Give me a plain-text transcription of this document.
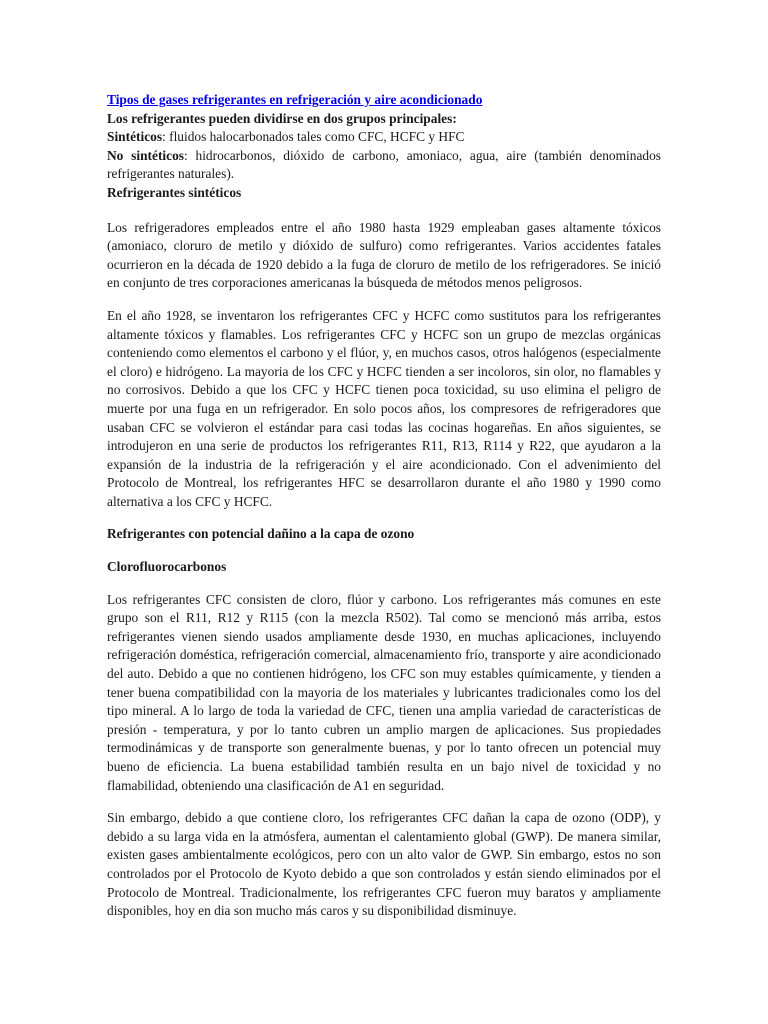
Tipos de gases refrigerantes en refrigeración y aire acondicionado

Los refrigerantes pueden dividirse en dos grupos principales:

Sintéticos: fluidos halocarbonados tales como CFC, HCFC y HFC

No sintéticos: hidrocarbonos, dióxido de carbono, amoniaco, agua, aire (también denominados refrigerantes naturales).

Refrigerantes sintéticos

Los refrigeradores empleados entre el año 1980 hasta 1929 empleaban gases altamente tóxicos (amoniaco, cloruro de metilo y dióxido de sulfuro) como refrigerantes. Varios accidentes fatales ocurrieron en la década de 1920 debido a la fuga de cloruro de metilo de los refrigeradores. Se inició en conjunto de tres corporaciones americanas la búsqueda de métodos menos peligrosos.

En el año 1928, se inventaron los refrigerantes CFC y HCFC como sustitutos para los refrigerantes altamente tóxicos y flamables. Los refrigerantes CFC y HCFC son un grupo de mezclas orgánicas conteniendo como elementos el carbono y el flúor, y, en muchos casos, otros halógenos (especialmente el cloro) e hidrógeno. La mayoria de los CFC y HCFC tienden a ser incoloros, sin olor, no flamables y no corrosivos. Debido a que los CFC y HCFC tienen poca toxicidad, su uso elimina el peligro de muerte por una fuga en un refrigerador. En solo pocos años, los compresores de refrigeradores que usaban CFC se volvieron el estándar para casi todas las cocinas hogareñas. En años siguientes, se introdujeron en una serie de productos los refrigerantes R11, R13, R114 y R22, que ayudaron a la expansión de la industria de la refrigeración y el aire acondicionado. Con el advenimiento del Protocolo de Montreal, los refrigerantes HFC se desarrollaron durante el año 1980 y 1990 como alternativa a los CFC y HCFC.

Refrigerantes con potencial dañino a la capa de ozono

Clorofluorocarbonos

Los refrigerantes CFC consisten de cloro, flúor y carbono. Los refrigerantes más comunes en este grupo son el R11, R12 y R115 (con la mezcla R502). Tal como se mencionó más arriba, estos refrigerantes vienen siendo usados ampliamente desde 1930, en muchas aplicaciones, incluyendo refrigeración doméstica, refrigeración comercial, almacenamiento frío, transporte y aire acondicionado del auto. Debido a que no contienen hidrógeno, los CFC son muy estables químicamente, y tienden a tener buena compatibilidad con la mayoria de los materiales y lubricantes tradicionales como los del tipo mineral. A lo largo de toda la variedad de CFC, tienen una amplia variedad de características de presión - temperatura, y por lo tanto cubren un amplio margen de aplicaciones. Sus propiedades termodinámicas y de transporte son generalmente buenas, y por lo tanto ofrecen un potencial muy bueno de eficiencia. La buena estabilidad también resulta en un bajo nivel de toxicidad y no flamabilidad, obteniendo una clasificación de A1 en seguridad.

Sin embargo, debido a que contiene cloro, los refrigerantes CFC dañan la capa de ozono (ODP), y debido a su larga vida en la atmósfera, aumentan el calentamiento global (GWP). De manera similar, existen gases ambientalmente ecológicos, pero con un alto valor de GWP. Sin embargo, estos no son controlados por el Protocolo de Kyoto debido a que son controlados y están siendo eliminados por el Protocolo de Montreal. Tradicionalmente, los refrigerantes CFC fueron muy baratos y ampliamente disponibles, hoy en dia son mucho más caros y su disponibilidad disminuye.
